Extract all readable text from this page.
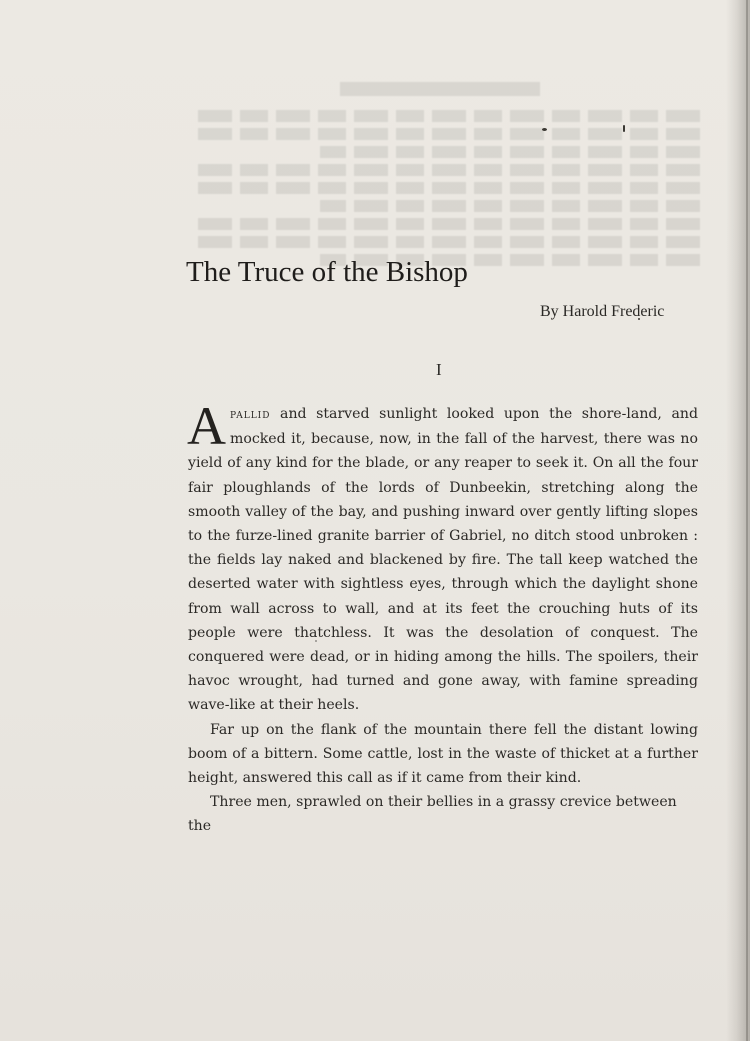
The Truce of the Bishop
By Harold Frederic
I

Apallid and starved sunlight looked upon the shore-land, and mocked it, because, now, in the fall of the harvest, there was no yield of any kind for the blade, or any reaper to seek it. On all the four fair ploughlands of the lords of Dunbeekin, stretching along the smooth valley of the bay, and pushing inward over gently lifting slopes to the furze-lined granite barrier of Gabriel, no ditch stood unbroken : the fields lay naked and blackened by fire. The tall keep watched the deserted water with sightless eyes, through which the daylight shone from wall across to wall, and at its feet the crouching huts of its people were thatchless. It was the desolation of conquest. The conquered were dead, or in hiding among the hills. The spoilers, their havoc wrought, had turned and gone away, with famine spreading wave-like at their heels.

Far up on the flank of the mountain there fell the distant lowing boom of a bittern. Some cattle, lost in the waste of thicket at a further height, answered this call as if it came from their kind.

Three men, sprawled on their bellies in a grassy crevice between

the
